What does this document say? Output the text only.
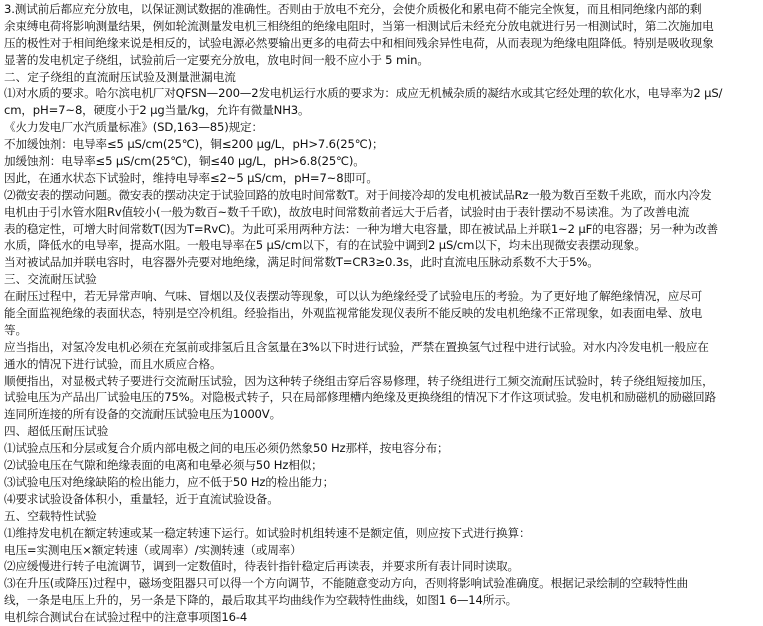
3.测试前后都应充分放电，以保证测试数据的准确性。否则由于放电不充分，会使介质极化和累电荷不能完全恢复，而且相同绝缘内部的剩
余束缚电荷将影响测量结果，例如轮流测量发电机三相绕组的绝缘电阻时，当第一相测试后未经充分放电就进行另一相测试时，第二次施加电
压的极性对于相间绝缘来说是相反的，试验电源必然要输出更多的电荷去中和相间残余异性电荷，从而表现为绝缘电阻降低。特别是吸收现象
显著的发电机定子绕组，试验前后一定要充分放电，放电时间一般不应小于 5 min。
二、定子绕组的直流耐压试验及测量泄漏电流
⑴对水质的要求。哈尔滨电机厂对QFSN—200—2发电机运行水质的要求为：成应无机械杂质的凝结水或其它经处理的软化水，电导率为2 μS/
cm，pH=7~8，硬度小于2 μg当量/kg，允许有微量NH3。
《火力发电厂水汽质量标准》(SD,163—85)规定：
不加缓蚀剂：电导率≤5 μS/cm(25℃)，铜≤200 μg/L，pH>7.6(25℃)；
加缓蚀剂：电导率≤5 μS/cm(25℃)，铜≤40 μg/L，pH>6.8(25℃)。
因此，在通水状态下试验时，维持电导率≤2~5 μS/cm，pH=7~8即可。
⑵微安表的摆动问题。微安表的摆动决定于试验回路的放电时间常数T。对于间接冷却的发电机被试品Rz一般为数百至数千兆欧，而水内冷发
电机由于引水管水阻Rv值较小(一般为数百~数千千欧)，故放电时间常数前者远大于后者，试验时由于表针摆动不易读准。为了改善电流
表的稳定性，可增大时间常数T(因为T=RvC)。为此可采用两种方法：一种为增大电容量，即在被试品上并联1~2 μF的电容器；另一种为改善
水质，降低水的电导率，提高水阻。一般电导率在5 μS/cm以下，有的在试验中调到2 μS/cm以下，均未出现微安表摆动现象。
当对被试品加并联电容时，电容器外壳要对地绝缘，满足时间常数T=CR3≥0.3s，此时直流电压脉动系数不大于5%。
三、交流耐压试验
在耐压过程中，若无异常声响、气味、冒烟以及仪表摆动等现象，可以认为绝缘经受了试验电压的考验。为了更好地了解绝缘情况，应尽可
能全面监视绝缘的表面状态，特别是空冷机组。经验指出，外观监视常能发现仪表所不能反映的发电机绝缘不正常现象，如表面电晕、放电
等。
应当指出，对氢冷发电机必须在充氢前或排氢后且含氢量在3%以下时进行试验，严禁在置换氢气过程中进行试验。对水内冷发电机一般应在
通水的情况下进行试验，而且水质应合格。
顺便指出，对显极式转子要进行交流耐压试验，因为这种转子绕组击穿后容易修理，转子绕组进行工频交流耐压试验时，转子绕组短接加压，
试验电压为产品出厂试验电压的75%。对隐极式转子，只在局部修理槽内绝缘及更换绕组的情况下才作这项试验。发电机和励磁机的励磁回路
连同所连接的所有设备的交流耐压试验电压为1000V。
四、超低压耐压试验
⑴试验点压和分层或复合介质内部电极之间的电压必须仍然象50 Hz那样，按电容分布；
⑵试验电压在气隙和绝缘表面的电离和电晕必须与50 Hz相似；
⑶试验电压对绝缘缺陷的检出能力，应不低于50 Hz的检出能力；
⑷要求试验设备体积小，重量轻，近于直流试验设备。
五、空载特性试验
⑴维持发电机在额定转速或某一稳定转速下运行。如试验时机组转速不是额定值，则应按下式进行换算：
电压=实测电压×额定转速（或周率）/实测转速（或周率）
⑵应缓慢进行转子电流调节，调到一定数值时，待表针指针稳定后再读表，并要求所有表计同时读取。
⑶在升压(或降压)过程中，磁场变阻器只可以得一个方向调节，不能随意变动方向，否则将影响试验准确度。根据记录绘制的空载特性曲
线，一条是电压上升的，另一条是下降的，最后取其平均曲线作为空载特性曲线，如图1 6—14所示。
电机综合测试台在试验过程中的注意事项图16-4
